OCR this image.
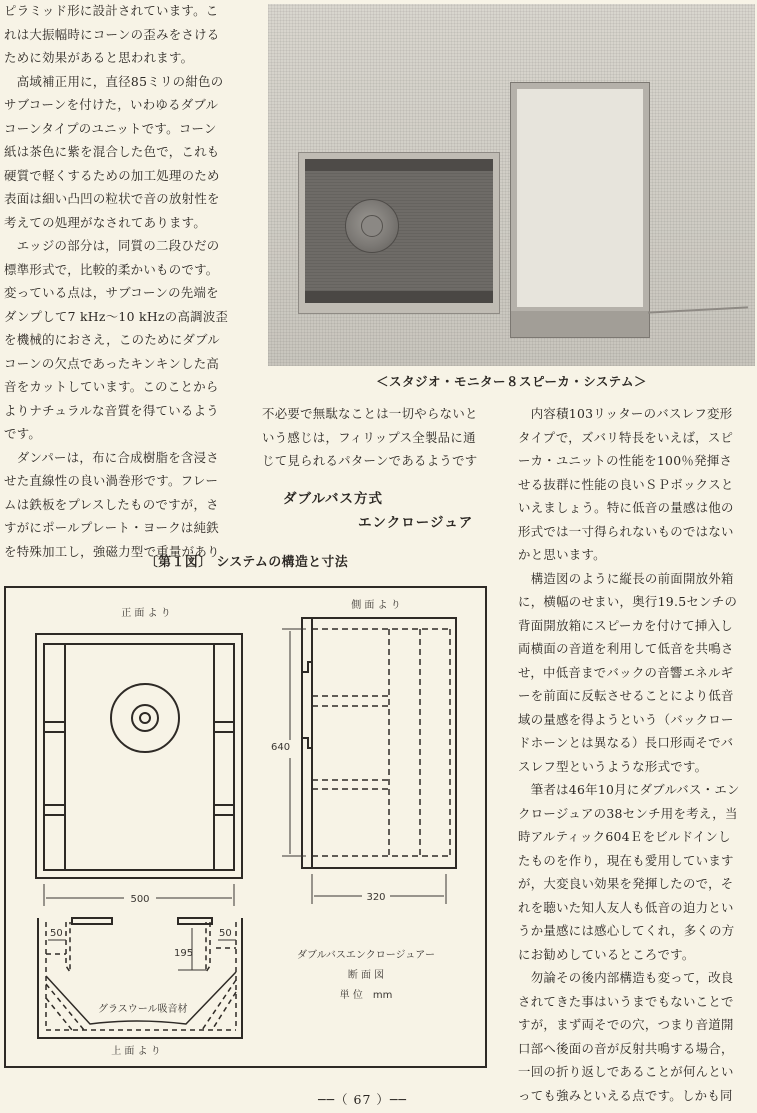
ピラミッド形に設計されています。こ

れは大振幅時にコーンの歪みをさける

ために効果があると思われます。

　高域補正用に，直径85ミリの紺色の

サブコーンを付けた，いわゆるダブル

コーンタイプのユニットです。コーン

紙は茶色に紫を混合した色で，これも

硬質で軽くするための加工処理のため

表面は細い凸凹の粒状で音の放射性を

考えての処理がなされてあります。

　エッジの部分は，同質の二段ひだの

標準形式で，比較的柔かいものです。

変っている点は，サブコーンの先端を

ダンプして7 kHz～10 kHzの高調波歪

を機械的におさえ，このためにダブル

コーンの欠点であったキンキンした高

音をカットしています。このことから

よりナチュラルな音質を得ているよう

です。

　ダンパーは，布に合成樹脂を含浸さ

せた直線性の良い渦巻形です。フレー

ムは鉄板をプレスしたものですが，さ

すがにポールプレート・ヨークは純鉄

を特殊加工し，強磁力型で重量があり

＜スタジオ・モニター８スピーカ・システム＞

不必要で無駄なことは一切やらないと

いう感じは，フィリップス全製品に通

じて見られるパターンであるようです

ダブルバス方式
エンクロージュア

　内容積103リッターのバスレフ変形

タイプで，ズバリ特長をいえば，スピ

ーカ・ユニットの性能を100％発揮さ

せる抜群に性能の良いＳＰボックスと

いえましょう。特に低音の量感は他の

形式では一寸得られないものではない

かと思います。

　構造図のように縦長の前面開放外箱

に，横幅のせまい，奥行19.5センチの

背面開放箱にスピーカを付けて挿入し

両横面の音道を利用して低音を共鳴さ

せ，中低音までバックの音響エネルギ

ーを前面に反転させることにより低音

域の量感を得ようという（バックロー

ドホーンとは異なる）長口形両そでバ

スレフ型というような形式です。

　筆者は46年10月にダブルバス・エン

クロージュアの38センチ用を考え，当

時アルティック604Ｅをビルドインし

たものを作り，現在も愛用しています

が，大変良い効果を発揮したので，そ

れを聴いた知人友人も低音の迫力とい

うか量感には感心してくれ，多くの方

にお勧めしているところです。

　勿論その後内部構造も変って，改良

されてきた事はいうまでもないことで

すが，まず両そでの穴，つまり音道開

口部へ後面の音が反射共鳴する場合，

一回の折り返しであることが何んとい

っても強みといえる点です。しかも同

〔第１図〕 システムの構造と寸法
500
640
320
正 面 よ り
側 面 よ り
50	50
195
グラスウール吸音材
上 面 よ り
ダブルバスエンクロージュアー
断 面 図
単 位　mm
──（ 67 ）──
